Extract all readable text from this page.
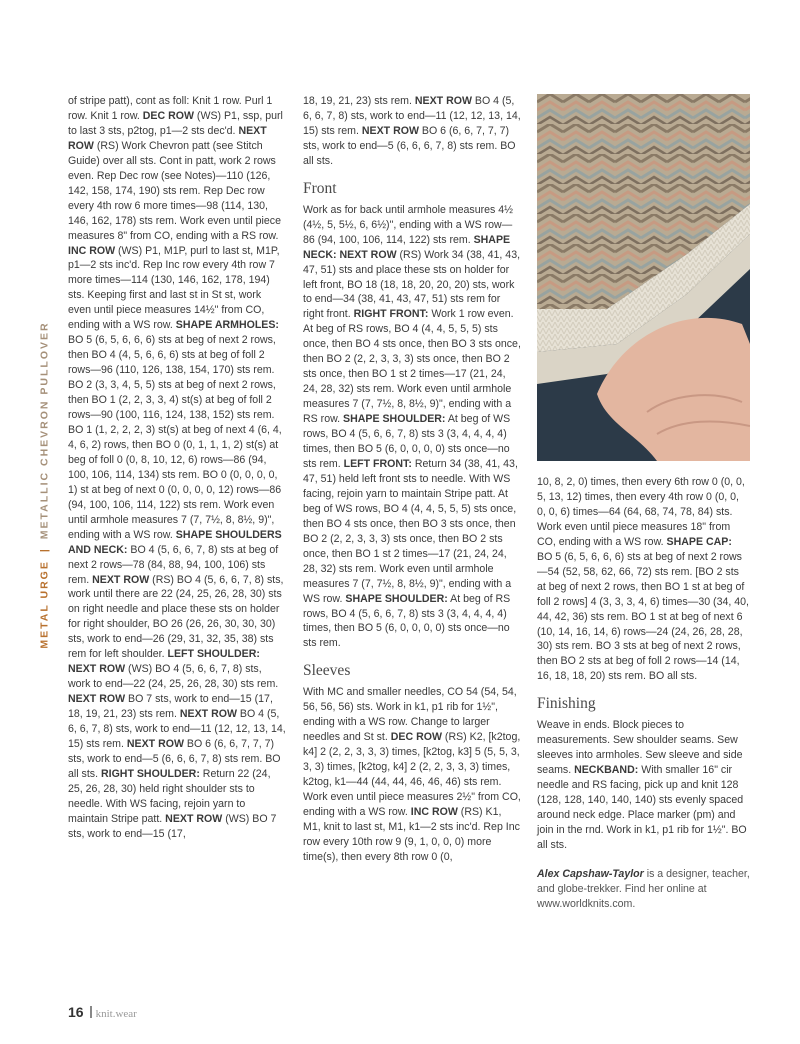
METAL URGE|METALLIC CHEVRON PULLOVER

of stripe patt), cont as foll: Knit 1 row. Purl 1 row. Knit 1 row. DEC ROW (WS) P1, ssp, purl to last 3 sts, p2tog, p1—2 sts dec'd. NEXT ROW (RS) Work Chevron patt (see Stitch Guide) over all sts. Cont in patt, work 2 rows even. Rep Dec row (see Notes)—110 (126, 142, 158, 174, 190) sts rem. Rep Dec row every 4th row 6 more times—98 (114, 130, 146, 162, 178) sts rem. Work even until piece measures 8" from CO, ending with a RS row. INC ROW (WS) P1, M1P, purl to last st, M1P, p1—2 sts inc'd. Rep Inc row every 4th row 7 more times—114 (130, 146, 162, 178, 194) sts. Keeping first and last st in St st, work even until piece measures 14½" from CO, ending with a WS row. SHAPE ARMHOLES: BO 5 (6, 5, 6, 6, 6) sts at beg of next 2 rows, then BO 4 (4, 5, 6, 6, 6) sts at beg of foll 2 rows—96 (110, 126, 138, 154, 170) sts rem. BO 2 (3, 3, 4, 5, 5) sts at beg of next 2 rows, then BO 1 (2, 2, 3, 3, 4) st(s) at beg of foll 2 rows—90 (100, 116, 124, 138, 152) sts rem. BO 1 (1, 2, 2, 2, 3) st(s) at beg of next 4 (6, 4, 4, 6, 2) rows, then BO 0 (0, 1, 1, 1, 2) st(s) at beg of foll 0 (0, 8, 10, 12, 6) rows—86 (94, 100, 106, 114, 134) sts rem. BO 0 (0, 0, 0, 0, 1) st at beg of next 0 (0, 0, 0, 0, 12) rows—86 (94, 100, 106, 114, 122) sts rem. Work even until armhole measures 7 (7, 7½, 8, 8½, 9)", ending with a WS row. SHAPE SHOULDERS AND NECK: BO 4 (5, 6, 6, 7, 8) sts at beg of next 2 rows—78 (84, 88, 94, 100, 106) sts rem. NEXT ROW (RS) BO 4 (5, 6, 6, 7, 8) sts, work until there are 22 (24, 25, 26, 28, 30) sts on right needle and place these sts on holder for right shoulder, BO 26 (26, 26, 30, 30, 30) sts, work to end—26 (29, 31, 32, 35, 38) sts rem for left shoulder. LEFT SHOULDER: NEXT ROW (WS) BO 4 (5, 6, 6, 7, 8) sts, work to end—22 (24, 25, 26, 28, 30) sts rem. NEXT ROW BO 7 sts, work to end—15 (17, 18, 19, 21, 23) sts rem. NEXT ROW BO 4 (5, 6, 6, 7, 8) sts, work to end—11 (12, 12, 13, 14, 15) sts rem. NEXT ROW BO 6 (6, 6, 7, 7, 7) sts, work to end—5 (6, 6, 6, 7, 8) sts rem. BO all sts. RIGHT SHOULDER: Return 22 (24, 25, 26, 28, 30) held right shoulder sts to needle. With WS facing, rejoin yarn to maintain Stripe patt. NEXT ROW (WS) BO 7 sts, work to end—15 (17,

18, 19, 21, 23) sts rem. NEXT ROW BO 4 (5, 6, 6, 7, 8) sts, work to end—11 (12, 12, 13, 14, 15) sts rem. NEXT ROW BO 6 (6, 6, 7, 7, 7) sts, work to end—5 (6, 6, 6, 7, 8) sts rem. BO all sts.

Front

Work as for back until armhole measures 4½ (4½, 5, 5½, 6, 6½)", ending with a WS row—86 (94, 100, 106, 114, 122) sts rem. SHAPE NECK: NEXT ROW (RS) Work 34 (38, 41, 43, 47, 51) sts and place these sts on holder for left front, BO 18 (18, 18, 20, 20, 20) sts, work to end—34 (38, 41, 43, 47, 51) sts rem for right front. RIGHT FRONT: Work 1 row even. At beg of RS rows, BO 4 (4, 4, 5, 5, 5) sts once, then BO 4 sts once, then BO 3 sts once, then BO 2 (2, 2, 3, 3, 3) sts once, then BO 2 sts once, then BO 1 st 2 times—17 (21, 24, 24, 28, 32) sts rem. Work even until armhole measures 7 (7, 7½, 8, 8½, 9)", ending with a RS row. SHAPE SHOULDER: At beg of WS rows, BO 4 (5, 6, 6, 7, 8) sts 3 (3, 4, 4, 4, 4) times, then BO 5 (6, 0, 0, 0, 0) sts once—no sts rem. LEFT FRONT: Return 34 (38, 41, 43, 47, 51) held left front sts to needle. With WS facing, rejoin yarn to maintain Stripe patt. At beg of WS rows, BO 4 (4, 4, 5, 5, 5) sts once, then BO 4 sts once, then BO 3 sts once, then BO 2 (2, 2, 3, 3, 3) sts once, then BO 2 sts once, then BO 1 st 2 times—17 (21, 24, 24, 28, 32) sts rem. Work even until armhole measures 7 (7, 7½, 8, 8½, 9)", ending with a WS row. SHAPE SHOULDER: At beg of RS rows, BO 4 (5, 6, 6, 7, 8) sts 3 (3, 4, 4, 4, 4) times, then BO 5 (6, 0, 0, 0, 0) sts once—no sts rem.

Sleeves

With MC and smaller needles, CO 54 (54, 54, 56, 56, 56) sts. Work in k1, p1 rib for 1½", ending with a WS row. Change to larger needles and St st. DEC ROW (RS) K2, [k2tog, k4] 2 (2, 2, 3, 3, 3) times, [k2tog, k3] 5 (5, 5, 3, 3, 3) times, [k2tog, k4] 2 (2, 2, 3, 3, 3) times, k2tog, k1—44 (44, 44, 46, 46, 46) sts rem. Work even until piece measures 2½" from CO, ending with a WS row. INC ROW (RS) K1, M1, knit to last st, M1, k1—2 sts inc'd. Rep Inc row every 10th row 9 (9, 1, 0, 0, 0) more time(s), then every 8th row 0 (0,

10, 8, 2, 0) times, then every 6th row 0 (0, 0, 5, 13, 12) times, then every 4th row 0 (0, 0, 0, 0, 6) times—64 (64, 68, 74, 78, 84) sts. Work even until piece measures 18" from CO, ending with a WS row. SHAPE CAP: BO 5 (6, 5, 6, 6, 6) sts at beg of next 2 rows—54 (52, 58, 62, 66, 72) sts rem. [BO 2 sts at beg of next 2 rows, then BO 1 st at beg of foll 2 rows] 4 (3, 3, 3, 4, 6) times—30 (34, 40, 44, 42, 36) sts rem. BO 1 st at beg of next 6 (10, 14, 16, 14, 6) rows—24 (24, 26, 28, 28, 30) sts rem. BO 3 sts at beg of next 2 rows, then BO 2 sts at beg of foll 2 rows—14 (14, 16, 18, 18, 20) sts rem. BO all sts.

Finishing

Weave in ends. Block pieces to measurements. Sew shoulder seams. Sew sleeves into armholes. Sew sleeve and side seams. NECKBAND: With smaller 16" cir needle and RS facing, pick up and knit 128 (128, 128, 140, 140, 140) sts evenly spaced around neck edge. Place marker (pm) and join in the rnd. Work in k1, p1 rib for 1½". BO all sts.

Alex Capshaw-Taylor is a designer, teacher, and globe-trekker. Find her online at www.worldknits.com.

16 knit.wear
